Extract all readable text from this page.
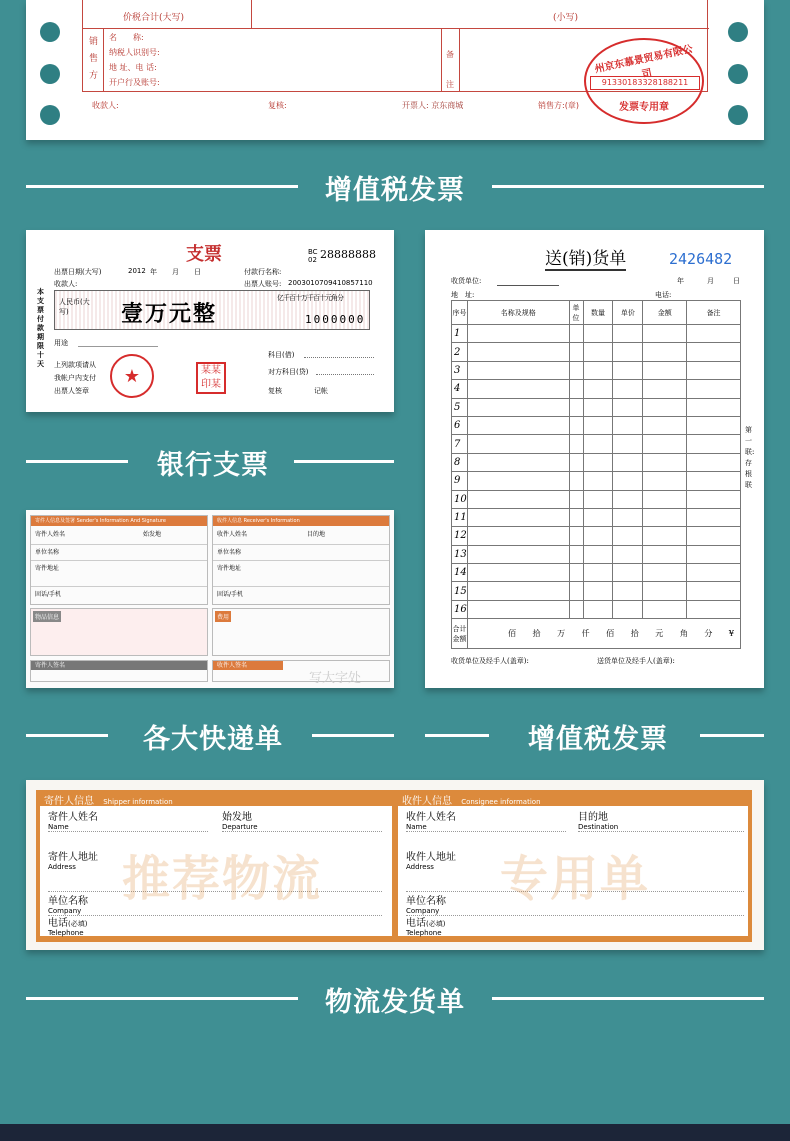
价税合计(大写)	(小写)
销
售
方
名　　称:
纳税人识别号:
地 址、电 话:
开户行及账号:
备
注
收款人:	复核:	开票人: 京东商城	销售方:(章)
州京东慕景贸易有限公司
91330183328188211
发票专用章
增值税发票
支票	BC 02 28888888
出票日期(大写)	2012 年 月 日	付款行名称:
收款人:	出票人账号: 2003010709410857110
本支票付款期限十天
人民币(大写)	壹万元整
亿千百十万千百十元角分
1000000
用途
上列款项请从
我帐户内支付
出票人签章
★	某某印某
科目(借)
对方科目(贷)
复核	记帐
银行支票
寄件人信息及签署 Sender's Information And Signature
寄件人姓名	始发地
单位名称
寄件地址
固话/手机
收件人信息 Receiver's Information
收件人姓名	目的地
单位名称
寄件地址
固话/手机
物品信息	费用
寄件人签名	收件人签名
写大字处
送(销)货单	2426482
收货单位:	年	月	日
地　址:	电话:
序号	名称及规格	单位	数量	单价	金额	备注
1						
2						
3						
4						
5						
6						
7						
8						
9						
10						
11						
12						
13						
14						
15						
16						
合计金额	佰　 拾　 万　 仟　 佰　 拾　 元　 角　 分　 ¥					
第一联:存根联
收货单位及经手人(盖章):	送货单位及经手人(盖章):
各大快递单	增值税发票
寄件人信息 Shipper information	收件人信息 Consignee information
寄件人姓名
Name
始发地
Departure
寄件人地址
Address
单位名称
Company
电话(必填)
Telephone
推荐物流
收件人姓名
Name
目的地
Destination
收件人地址
Address
单位名称
Company
电话(必填)
Telephone
专用单
物流发货单
